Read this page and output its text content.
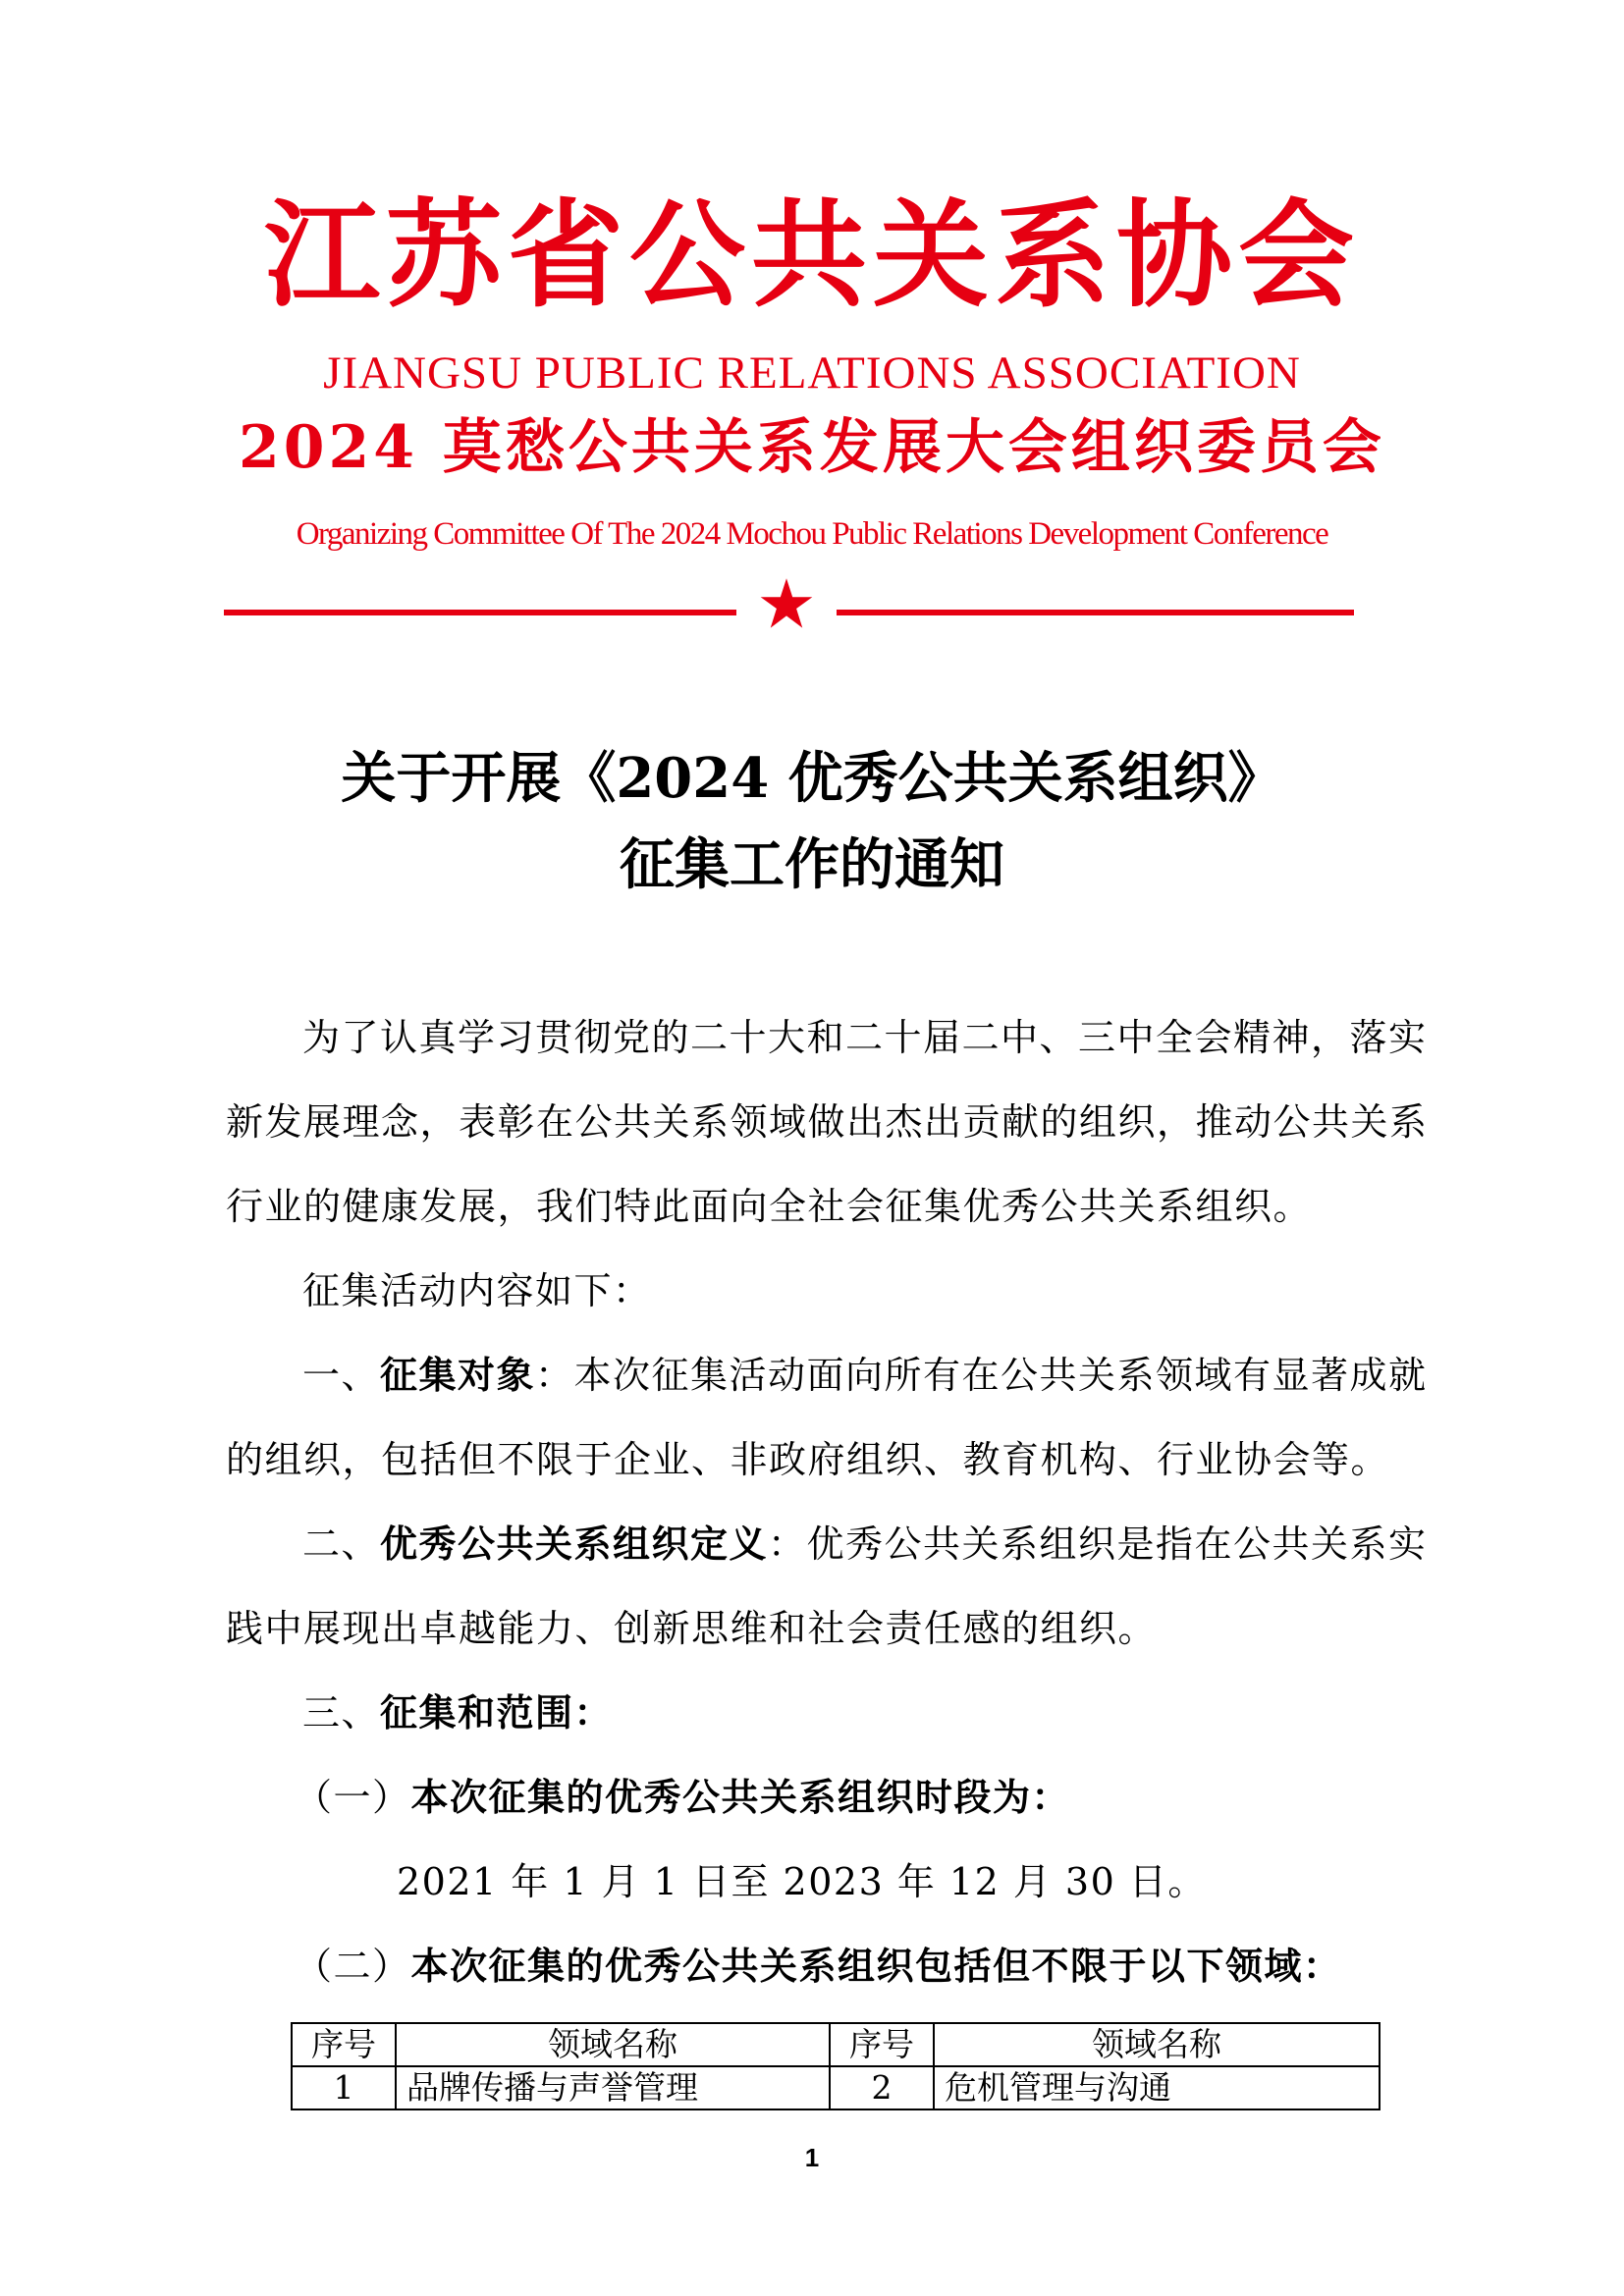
江苏省公共关系协会
JIANGSU PUBLIC RELATIONS ASSOCIATION
2024 莫愁公共关系发展大会组织委员会
Organizing Committee Of The 2024 Mochou Public Relations Development Conference
关于开展《2024 优秀公共关系组织》
征集工作的通知
为了认真学习贯彻党的二十大和二十届二中、三中全会精神，落实
新发展理念，表彰在公共关系领域做出杰出贡献的组织，推动公共关系
行业的健康发展，我们特此面向全社会征集优秀公共关系组织。
征集活动内容如下：
一、征集对象：本次征集活动面向所有在公共关系领域有显著成就
的组织，包括但不限于企业、非政府组织、教育机构、行业协会等。
二、优秀公共关系组织定义：优秀公共关系组织是指在公共关系实
践中展现出卓越能力、创新思维和社会责任感的组织。
三、征集和范围：
（一）本次征集的优秀公共关系组织时段为：
2021 年 1 月 1 日至 2023 年 12 月 30 日。
（二）本次征集的优秀公共关系组织包括但不限于以下领域：
序号	领域名称	序号	领域名称
1	品牌传播与声誉管理	2	危机管理与沟通
1
